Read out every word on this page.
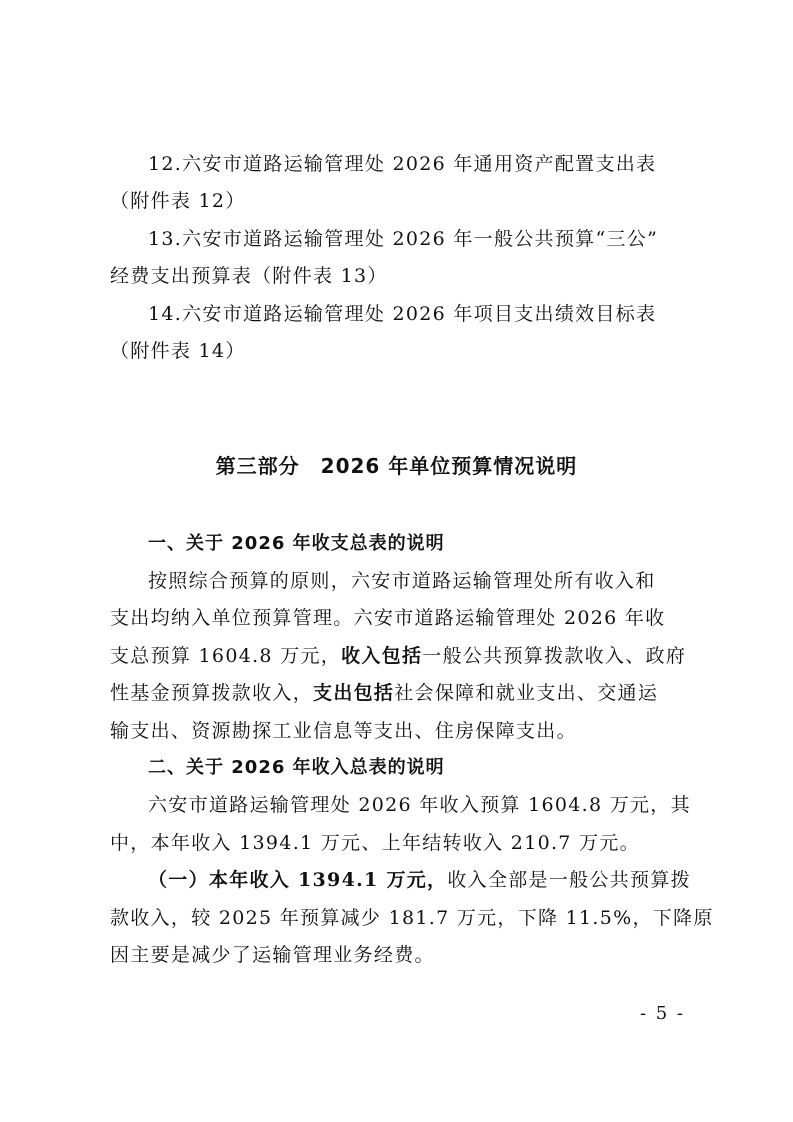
12.六安市道路运输管理处 2026 年通用资产配置支出表
（附件表 12）
13.六安市道路运输管理处 2026 年一般公共预算“三公”
经费支出预算表（附件表 13）
14.六安市道路运输管理处 2026 年项目支出绩效目标表
（附件表 14）
第三部分　2026 年单位预算情况说明
一、关于 2026 年收支总表的说明
按照综合预算的原则，六安市道路运输管理处所有收入和
支出均纳入单位预算管理。六安市道路运输管理处 2026 年收
支总预算 1604.8 万元，收入包括一般公共预算拨款收入、政府
性基金预算拨款收入，支出包括社会保障和就业支出、交通运
输支出、资源勘探工业信息等支出、住房保障支出。
二、关于 2026 年收入总表的说明
六安市道路运输管理处 2026 年收入预算 1604.8 万元，其
中，本年收入 1394.1 万元、上年结转收入 210.7 万元。
（一）本年收入 1394.1 万元，收入全部是一般公共预算拨
款收入，较 2025 年预算减少 181.7 万元，下降 11.5%，下降原
因主要是减少了运输管理业务经费。
- 5 -
